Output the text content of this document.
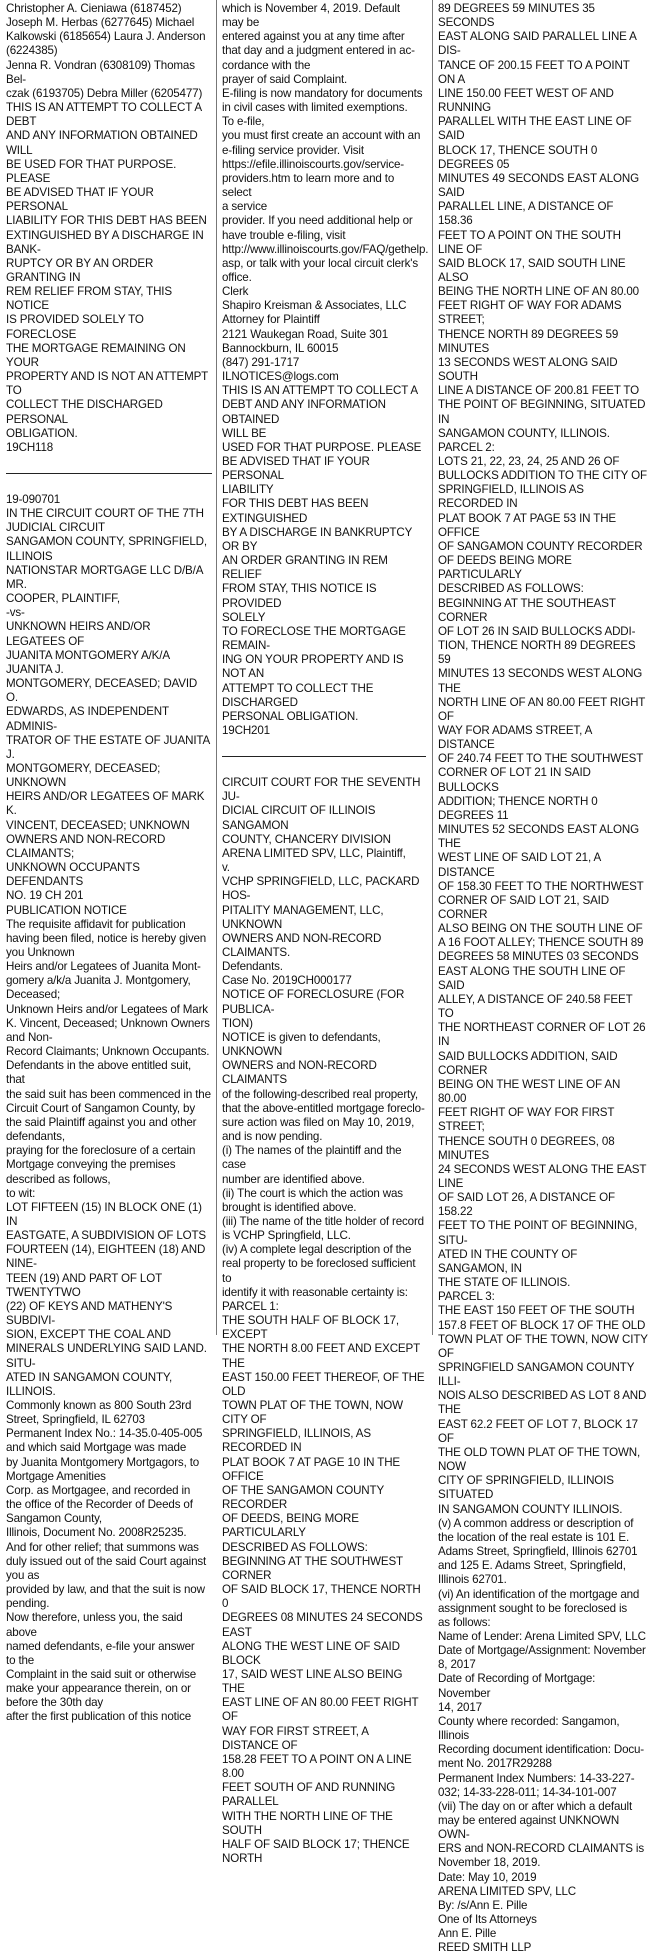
Christopher A. Cieniawa (6187452)
Joseph M. Herbas (6277645) Michael
Kalkowski (6185654) Laura J. Anderson
(6224385)
Jenna R. Vondran (6308109) Thomas Bel-
czak (6193705) Debra Miller (6205477)
THIS IS AN ATTEMPT TO COLLECT A DEBT
AND ANY INFORMATION OBTAINED WILL
BE USED FOR THAT PURPOSE. PLEASE
BE ADVISED THAT IF YOUR PERSONAL
LIABILITY FOR THIS DEBT HAS BEEN
EXTINGUISHED BY A DISCHARGE IN BANK-
RUPTCY OR BY AN ORDER GRANTING IN
REM RELIEF FROM STAY, THIS NOTICE
IS PROVIDED SOLELY TO FORECLOSE
THE MORTGAGE REMAINING ON YOUR
PROPERTY AND IS NOT AN ATTEMPT TO
COLLECT THE DISCHARGED PERSONAL
OBLIGATION.
19CH118

19-090701
IN THE CIRCUIT COURT OF THE 7TH
JUDICIAL CIRCUIT
SANGAMON COUNTY, SPRINGFIELD,
ILLINOIS
NATIONSTAR MORTGAGE LLC D/B/A MR.
COOPER, PLAINTIFF,
-vs-
UNKNOWN HEIRS AND/OR LEGATEES OF
JUANITA MONTGOMERY A/K/A JUANITA J.
MONTGOMERY, DECEASED; DAVID O.
EDWARDS, AS INDEPENDENT ADMINIS-
TRATOR OF THE ESTATE OF JUANITA J.
MONTGOMERY, DECEASED; UNKNOWN
HEIRS AND/OR LEGATEES OF MARK K.
VINCENT, DECEASED; UNKNOWN
OWNERS AND NON-RECORD CLAIMANTS;
UNKNOWN OCCUPANTS DEFENDANTS
NO. 19 CH 201
PUBLICATION NOTICE
The requisite affidavit for publication
having been filed, notice is hereby given
you Unknown
Heirs and/or Legatees of Juanita Mont-
gomery a/k/a Juanita J. Montgomery,
Deceased;
Unknown Heirs and/or Legatees of Mark
K. Vincent, Deceased; Unknown Owners
and Non-
Record Claimants; Unknown Occupants.
Defendants in the above entitled suit, that
the said suit has been commenced in the
Circuit Court of Sangamon County, by
the said Plaintiff against you and other
defendants,
praying for the foreclosure of a certain
Mortgage conveying the premises
described as follows,
to wit:
LOT FIFTEEN (15) IN BLOCK ONE (1) IN
EASTGATE, A SUBDIVISION OF LOTS
FOURTEEN (14), EIGHTEEN (18) AND NINE-
TEEN (19) AND PART OF LOT TWENTYTWO
(22) OF KEYS AND MATHENY'S SUBDIVI-
SION, EXCEPT THE COAL AND
MINERALS UNDERLYING SAID LAND. SITU-
ATED IN SANGAMON COUNTY,
ILLINOIS.
Commonly known as 800 South 23rd
Street, Springfield, IL 62703
Permanent Index No.: 14-35.0-405-005
and which said Mortgage was made
by Juanita Montgomery Mortgagors, to
Mortgage Amenities
Corp. as Mortgagee, and recorded in
the office of the Recorder of Deeds of
Sangamon County,
Illinois, Document No. 2008R25235.
And for other relief; that summons was
duly issued out of the said Court against
you as
provided by law, and that the suit is now
pending.
Now therefore, unless you, the said above
named defendants, e-file your answer
to the
Complaint in the said suit or otherwise
make your appearance therein, on or
before the 30th day
after the first publication of this notice

which is November 4, 2019. Default
may be
entered against you at any time after
that day and a judgment entered in ac-
cordance with the
prayer of said Complaint.
E-filing is now mandatory for documents
in civil cases with limited exemptions.
To e-file,
you must first create an account with an
e-filing service provider. Visit
https://efile.illinoiscourts.gov/service-
providers.htm to learn more and to select
a service
provider. If you need additional help or
have trouble e-filing, visit
http://www.illinoiscourts.gov/FAQ/gethelp.
asp, or talk with your local circuit clerk's
office.
Clerk
Shapiro Kreisman & Associates, LLC
Attorney for Plaintiff
2121 Waukegan Road, Suite 301
Bannockburn, IL 60015
(847) 291-1717
ILNOTICES@logs.com
THIS IS AN ATTEMPT TO COLLECT A
DEBT AND ANY INFORMATION OBTAINED
WILL BE
USED FOR THAT PURPOSE. PLEASE
BE ADVISED THAT IF YOUR PERSONAL
LIABILITY
FOR THIS DEBT HAS BEEN EXTINGUISHED
BY A DISCHARGE IN BANKRUPTCY OR BY
AN ORDER GRANTING IN REM RELIEF
FROM STAY, THIS NOTICE IS PROVIDED
SOLELY
TO FORECLOSE THE MORTGAGE REMAIN-
ING ON YOUR PROPERTY AND IS NOT AN
ATTEMPT TO COLLECT THE DISCHARGED
PERSONAL OBLIGATION.
19CH201

CIRCUIT COURT FOR THE SEVENTH JU-
DICIAL CIRCUIT OF ILLINOIS SANGAMON
COUNTY, CHANCERY DIVISION
ARENA LIMITED SPV, LLC, Plaintiff,
v.
VCHP SPRINGFIELD, LLC, PACKARD HOS-
PITALITY MANAGEMENT, LLC, UNKNOWN
OWNERS AND NON-RECORD CLAIMANTS.
Defendants.
Case No. 2019CH000177
NOTICE OF FORECLOSURE (FOR PUBLICA-
TION)
NOTICE is given to defendants, UNKNOWN
OWNERS and NON-RECORD CLAIMANTS
of the following-described real property,
that the above-entitled mortgage foreclo-
sure action was filed on May 10, 2019,
and is now pending.
(i) The names of the plaintiff and the case
number are identified above.
(ii) The court is which the action was
brought is identified above.
(iii) The name of the title holder of record
is VCHP Springfield, LLC.
(iv) A complete legal description of the
real property to be foreclosed sufficient to
identify it with reasonable certainty is:
PARCEL 1:
THE SOUTH HALF OF BLOCK 17, EXCEPT
THE NORTH 8.00 FEET AND EXCEPT THE
EAST 150.00 FEET THEREOF, OF THE OLD
TOWN PLAT OF THE TOWN, NOW CITY OF
SPRINGFIELD, ILLINOIS, AS RECORDED IN
PLAT BOOK 7 AT PAGE 10 IN THE OFFICE
OF THE SANGAMON COUNTY RECORDER
OF DEEDS, BEING MORE PARTICULARLY
DESCRIBED AS FOLLOWS:
BEGINNING AT THE SOUTHWEST CORNER
OF SAID BLOCK 17, THENCE NORTH 0
DEGREES 08 MINUTES 24 SECONDS EAST
ALONG THE WEST LINE OF SAID BLOCK
17, SAID WEST LINE ALSO BEING THE
EAST LINE OF AN 80.00 FEET RIGHT OF
WAY FOR FIRST STREET, A DISTANCE OF
158.28 FEET TO A POINT ON A LINE 8.00
FEET SOUTH OF AND RUNNING PARALLEL
WITH THE NORTH LINE OF THE SOUTH
HALF OF SAID BLOCK 17; THENCE NORTH

89 DEGREES 59 MINUTES 35 SECONDS
EAST ALONG SAID PARALLEL LINE A DIS-
TANCE OF 200.15 FEET TO A POINT ON A
LINE 150.00 FEET WEST OF AND RUNNING
PARALLEL WITH THE EAST LINE OF SAID
BLOCK 17, THENCE SOUTH 0 DEGREES 05
MINUTES 49 SECONDS EAST ALONG SAID
PARALLEL LINE, A DISTANCE OF 158.36
FEET TO A POINT ON THE SOUTH LINE OF
SAID BLOCK 17, SAID SOUTH LINE ALSO
BEING THE NORTH LINE OF AN 80.00
FEET RIGHT OF WAY FOR ADAMS STREET;
THENCE NORTH 89 DEGREES 59 MINUTES
13 SECONDS WEST ALONG SAID SOUTH
LINE A DISTANCE OF 200.81 FEET TO
THE POINT OF BEGINNING, SITUATED IN
SANGAMON COUNTY, ILLINOIS.
PARCEL 2:
LOTS 21, 22, 23, 24, 25 AND 26 OF
BULLOCKS ADDITION TO THE CITY OF
SPRINGFIELD, ILLINOIS AS RECORDED IN
PLAT BOOK 7 AT PAGE 53 IN THE OFFICE
OF SANGAMON COUNTY RECORDER
OF DEEDS BEING MORE PARTICULARLY
DESCRIBED AS FOLLOWS:
BEGINNING AT THE SOUTHEAST CORNER
OF LOT 26 IN SAID BULLOCKS ADDI-
TION, THENCE NORTH 89 DEGREES 59
MINUTES 13 SECONDS WEST ALONG THE
NORTH LINE OF AN 80.00 FEET RIGHT OF
WAY FOR ADAMS STREET, A DISTANCE
OF 240.74 FEET TO THE SOUTHWEST
CORNER OF LOT 21 IN SAID BULLOCKS
ADDITION; THENCE NORTH 0 DEGREES 11
MINUTES 52 SECONDS EAST ALONG THE
WEST LINE OF SAID LOT 21, A DISTANCE
OF 158.30 FEET TO THE NORTHWEST
CORNER OF SAID LOT 21, SAID CORNER
ALSO BEING ON THE SOUTH LINE OF
A 16 FOOT ALLEY; THENCE SOUTH 89
DEGREES 58 MINUTES 03 SECONDS
EAST ALONG THE SOUTH LINE OF SAID
ALLEY, A DISTANCE OF 240.58 FEET TO
THE NORTHEAST CORNER OF LOT 26 IN
SAID BULLOCKS ADDITION, SAID CORNER
BEING ON THE WEST LINE OF AN 80.00
FEET RIGHT OF WAY FOR FIRST STREET;
THENCE SOUTH 0 DEGREES, 08 MINUTES
24 SECONDS WEST ALONG THE EAST LINE
OF SAID LOT 26, A DISTANCE OF 158.22
FEET TO THE POINT OF BEGINNING, SITU-
ATED IN THE COUNTY OF SANGAMON, IN
THE STATE OF ILLINOIS.
PARCEL 3:
THE EAST 150 FEET OF THE SOUTH
157.8 FEET OF BLOCK 17 OF THE OLD
TOWN PLAT OF THE TOWN, NOW CITY OF
SPRINGFIELD SANGAMON COUNTY ILLI-
NOIS ALSO DESCRIBED AS LOT 8 AND THE
EAST 62.2 FEET OF LOT 7, BLOCK 17 OF
THE OLD TOWN PLAT OF THE TOWN, NOW
CITY OF SPRINGFIELD, ILLINOIS SITUATED
IN SANGAMON COUNTY ILLINOIS.
(v) A common address or description of
the location of the real estate is 101 E.
Adams Street, Springfield, Illinois 62701
and 125 E. Adams Street, Springfield,
Illinois 62701.
(vi) An identification of the mortgage and
assignment sought to be foreclosed is
as follows:
Name of Lender: Arena Limited SPV, LLC
Date of Mortgage/Assignment: November
8, 2017
Date of Recording of Mortgage: November
14, 2017
County where recorded: Sangamon,
Illinois
Recording document identification: Docu-
ment No. 2017R29288
Permanent Index Numbers: 14-33-227-
032; 14-33-228-011; 14-34-101-007
(vii) The day on or after which a default
may be entered against UNKNOWN OWN-
ERS and NON-RECORD CLAIMANTS is
November 18, 2019.
Date: May 10, 2019
ARENA LIMITED SPV, LLC
By: /s/Ann E. Pille
One of Its Attorneys
Ann E. Pille
REED SMITH LLP
